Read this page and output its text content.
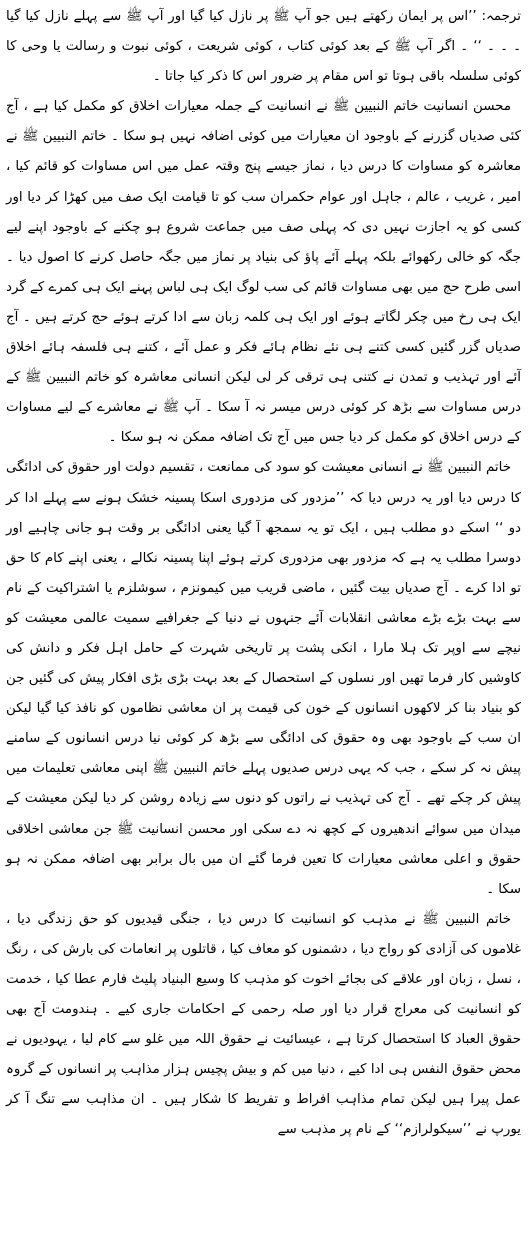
ترجمہ: ’’اس پر ایمان رکھتے ہیں جو آپ ﷺ پر نازل کیا گیا اور آپ ﷺ سے پہلے نازل کیا گیا ۔ ۔ ۔ ‘‘ ۔ اگر آپ ﷺ کے بعد کوئی کتاب ، کوئی شریعت ، کوئی نبوت و رسالت یا وحی کا کوئی سلسلہ باقی ہوتا تو اس مقام پر ضرور اس کا ذکر کیا جاتا ۔

محسن انسانیت خاتم النبیین ﷺ نے انسانیت کے جملہ معیارات اخلاق کو مکمل کیا ہے ، آج کئی صدیاں گزرنے کے باوجود ان معیارات میں کوئی اضافہ نہیں ہو سکا ۔ خاتم النبیین ﷺ نے معاشرہ کو مساوات کا درس دیا ، نماز جیسے پنج وقتہ عمل میں اس مساوات کو قائم کیا ، امیر ، غریب ، عالم ، جاہل اور عوام حکمران سب کو تا قیامت ایک صف میں کھڑا کر دیا اور کسی کو یہ اجازت نہیں دی کہ پہلی صف میں جماعت شروع ہو چکنے کے باوجود اپنے لیے جگہ کو خالی رکھوائے بلکہ پہلے آئے پاؤ کی بنیاد پر نماز میں جگہ حاصل کرنے کا اصول دیا ۔ اسی طرح حج میں بھی مساوات قائم کی سب لوگ ایک ہی لباس پہنے ایک ہی کمرے کے گرد ایک ہی رخ میں چکر لگاتے ہوئے اور ایک ہی کلمہ زبان سے ادا کرتے ہوئے حج کرتے ہیں ۔ آج صدیاں گزر گئیں کسی کتنے ہی نئے نظام ہائے فکر و عمل آئے ، کتنے ہی فلسفہ ہائے اخلاق آئے اور تہذیب و تمدن نے کتنی ہی ترقی کر لی لیکن انسانی معاشرہ کو خاتم النبیین ﷺ کے درس مساوات سے بڑھ کر کوئی درس میسر نہ آ سکا ۔ آپ ﷺ نے معاشرے کے لیے مساوات کے درس اخلاق کو مکمل کر دیا جس میں آج تک اضافہ ممکن نہ ہو سکا ۔

خاتم النبیین ﷺ نے انسانی معیشت کو سود کی ممانعت ، تقسیم دولت اور حقوق کی ادائگی کا درس دیا اور یہ درس دیا کہ ’’مزدور کی مزدوری اسکا پسینہ خشک ہونے سے پہلے ادا کر دو ‘‘ اسکے دو مطلب ہیں ، ایک تو یہ سمجھ آ گیا یعنی ادائگی بر وقت ہو جانی چاہیے اور دوسرا مطلب یہ ہے کہ مزدور بھی مزدوری کرتے ہوئے اپنا پسینہ نکالے ، یعنی اپنے کام کا حق تو ادا کرے ۔ آج صدیاں بیت گئیں ، ماضی قریب میں کیمونزم ، سوشلزم یا اشتراکیت کے نام سے بہت بڑے بڑے معاشی انقلابات آئے جنہوں نے دنیا کے جغرافیے سمیت عالمی معیشت کو نیچے سے اوپر تک ہلا مارا ، انکی پشت پر تاریخی شہرت کے حامل اہل فکر و دانش کی کاوشیں کار فرما تھیں اور نسلوں کے استحصال کے بعد بہت بڑی بڑی افکار پیش کی گئیں جن کو بنیاد بنا کر لاکھوں انسانوں کے خون کی قیمت پر ان معاشی نظاموں کو نافذ کیا گیا لیکن ان سب کے باوجود بھی وہ حقوق کی ادائگی سے بڑھ کر کوئی نیا درس انسانوں کے سامنے پیش نہ کر سکے ، جب کہ یہی درس صدیوں پہلے خاتم النبیین ﷺ اپنی معاشی تعلیمات میں پیش کر چکے تھے ۔ آج کی تہذیب نے راتوں کو دنوں سے زیادہ روشن کر دیا لیکن معیشت کے میدان میں سوائے اندھیروں کے کچھ نہ دے سکی اور محسن انسانیت ﷺ جن معاشی اخلاقی حقوق و اعلی معاشی معیارات کا تعین فرما گئے ان میں بال برابر بھی اضافہ ممکن نہ ہو سکا ۔

خاتم النبیین ﷺ نے مذہب کو انسانیت کا درس دیا ، جنگی قیدیوں کو حق زندگی دیا ، غلاموں کی آزادی کو رواج دیا ، دشمنوں کو معاف کیا ، قاتلوں پر انعامات کی بارش کی ، رنگ ، نسل ، زبان اور علاقے کی بجائے اخوت کو مذہب کا وسیع البنیاد پلیٹ فارم عطا کیا ، خدمت کو انسانیت کی معراج قرار دیا اور صلہ رحمی کے احکامات جاری کیے ۔ ہندومت آج بھی حقوق العباد کا استحصال کرتا ہے ، عیسائیت نے حقوق اللہ میں غلو سے کام لیا ، یہودیوں نے محض حقوق النفس ہی ادا کیے ، دنیا میں کم و بیش پچیس ہزار مذاہب پر انسانوں کے گروہ عمل پیرا ہیں لیکن تمام مذاہب افراط و تفریط کا شکار ہیں ۔ ان مذاہب سے تنگ آ کر یورپ نے ’’سیکولرازم‘‘ کے نام پر مذہب سے
